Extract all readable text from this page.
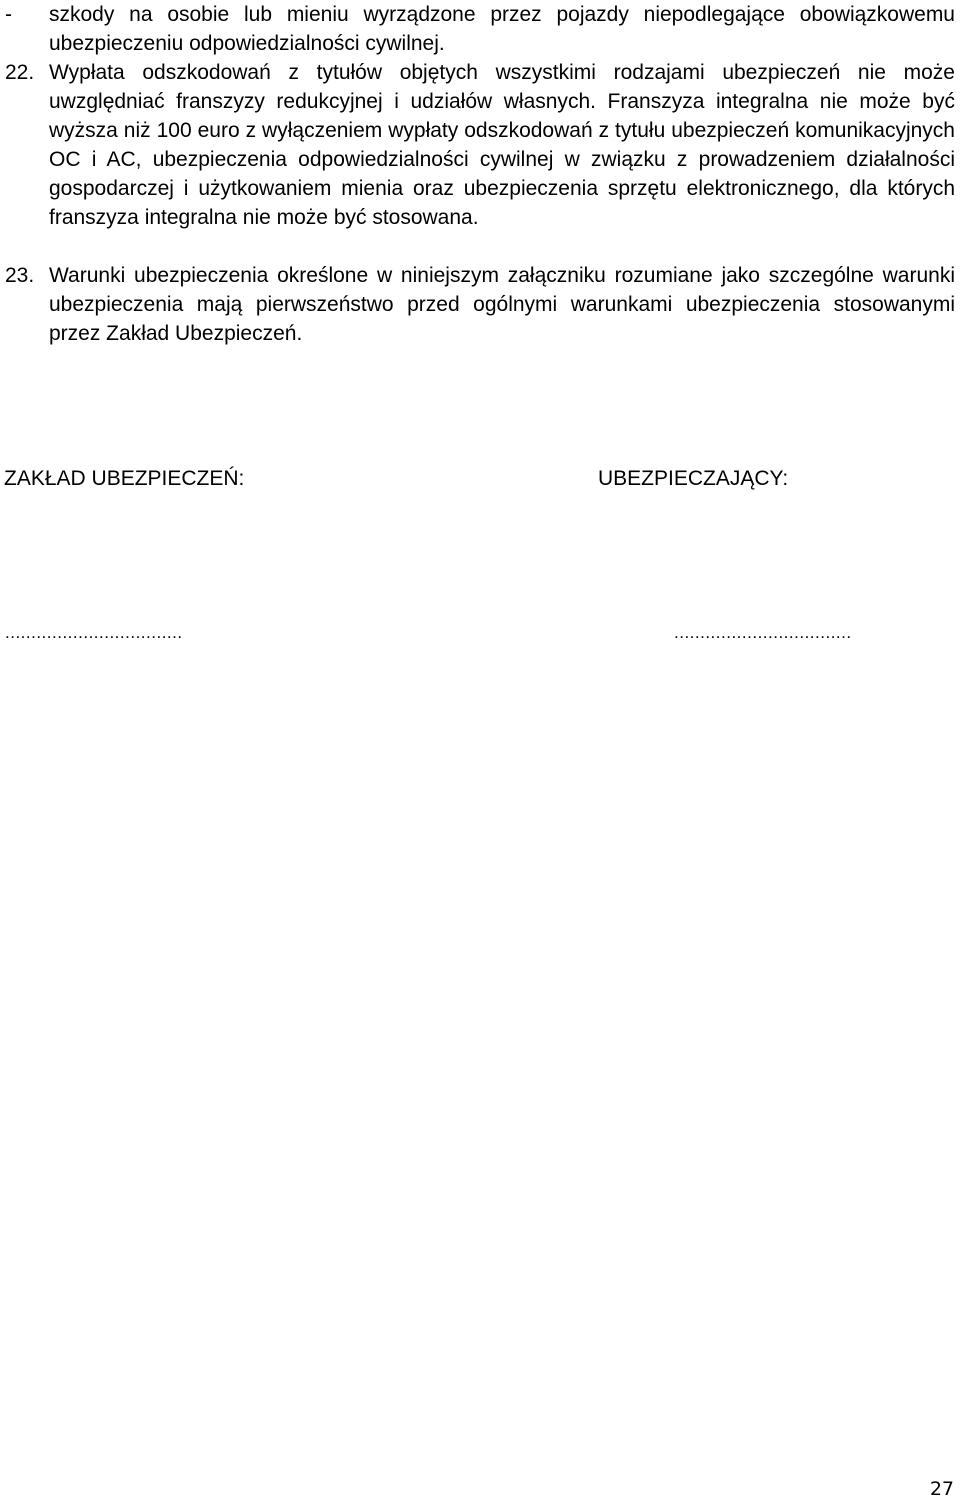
- szkody na osobie lub mieniu wyrządzone przez pojazdy niepodlegające obowiązkowemu ubezpieczeniu odpowiedzialności cywilnej.

22. Wypłata odszkodowań z tytułów objętych wszystkimi rodzajami ubezpieczeń nie może uwzględniać franszyzy redukcyjnej i udziałów własnych. Franszyza integralna nie może być wyższa niż 100 euro z wyłączeniem wypłaty odszkodowań z tytułu ubezpieczeń komunikacyjnych OC i AC, ubezpieczenia odpowiedzialności cywilnej w związku z prowadzeniem działalności gospodarczej i użytkowaniem mienia oraz ubezpieczenia sprzętu elektronicznego, dla których franszyza integralna nie może być stosowana.

23. Warunki ubezpieczenia określone w niniejszym załączniku rozumiane jako szczególne warunki ubezpieczenia mają pierwszeństwo przed ogólnymi warunkami ubezpieczenia stosowanymi przez Zakład Ubezpieczeń.

ZAKŁAD UBEZPIECZEŃ:	UBEZPIECZAJĄCY:
..................................	..................................
27
